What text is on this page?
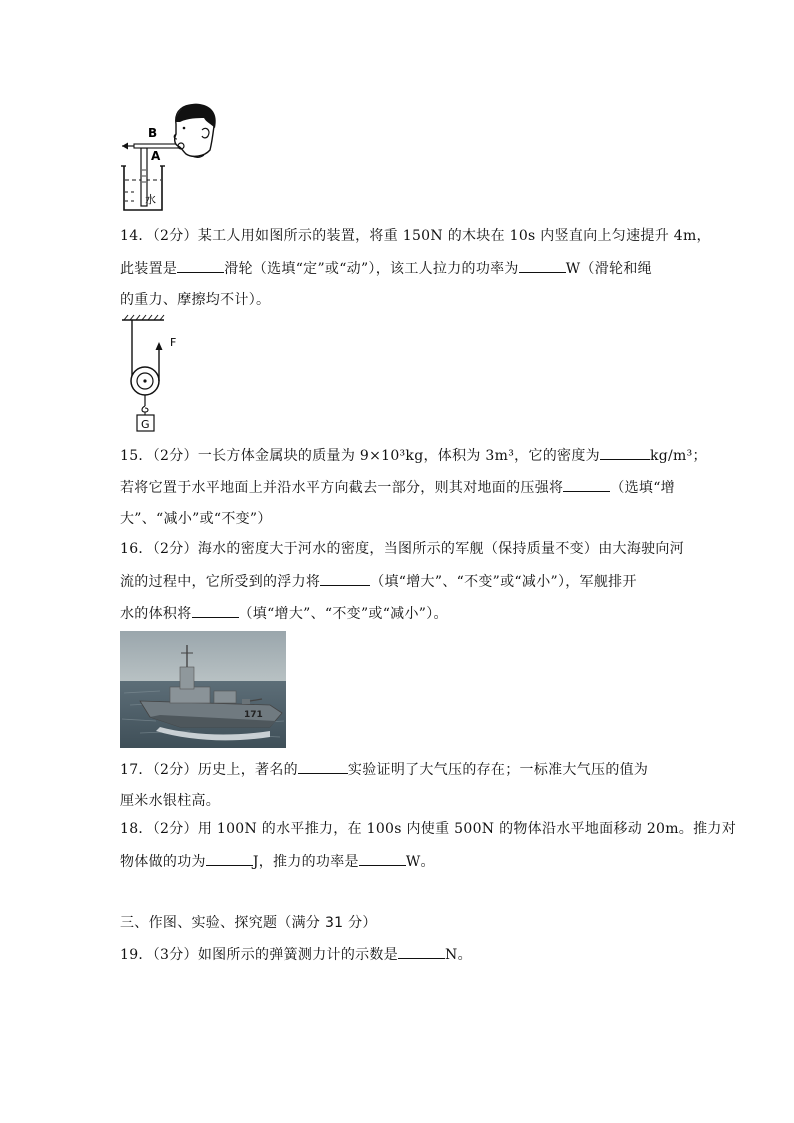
B
A
水
14．（2分）某工人用如图所示的装置，将重 150N 的木块在 10s 内竖直向上匀速提升 4m，
此装置是	滑轮（选填“定”或“动”），该工人拉力的功率为	W（滑轮和绳
的重力、摩擦均不计）。
F
G
15．（2分）一长方体金属块的质量为 9×10³kg，体积为 3m³，它的密度为	kg/m³；
若将它置于水平地面上并沿水平方向截去一部分，则其对地面的压强将	（选填“增
大”、“减小”或“不变”）
16．（2分）海水的密度大于河水的密度，当图所示的军舰（保持质量不变）由大海驶向河
流的过程中，它所受到的浮力将	（填“增大”、“不变”或“减小”），军舰排开
水的体积将	（填“增大”、“不变”或“减小”）。
171
17．（2分）历史上，著名的	实验证明了大气压的存在；一标准大气压的值为
厘米水银柱高。
18．（2分）用 100N 的水平推力，在 100s 内使重 500N 的物体沿水平地面移动 20m。推力对
物体做的功为	J，推力的功率是	W。
三、作图、实验、探究题（满分 31 分）
19．（3分）如图所示的弹簧测力计的示数是	N。
